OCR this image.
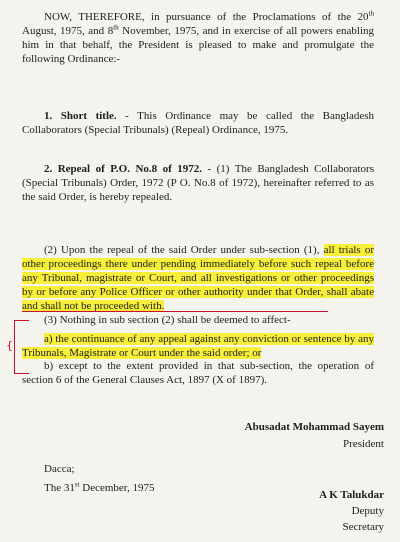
NOW, THEREFORE, in pursuance of the Proclamations of the 20th August, 1975, and 8th November, 1975, and in exercise of all powers enabling him in that behalf, the President is pleased to make and promulgate the following Ordinance:-

1. Short title. - This Ordinance may be called the Bangladesh Collaborators (Special Tribunals) (Repeal) Ordinance, 1975.

2. Repeal of P.O. No.8 of 1972. - (1) The Bangladesh Collaborators (Special Tribunals) Order, 1972 (P O. No.8 of 1972), hereinafter referred to as the said Order, is hereby repealed.

(2) Upon the repeal of the said Order under sub-section (1), all trials or other proceedings there under pending immediately before such repeal before any Tribunal, magistrate or Court, and all investigations or other proceedings by or before any Police Officer or other authority under that Order, shall abate and shall not be proceeded with.

(3) Nothing in sub section (2) shall be deemed to affect-

{	a) the continuance of any appeal against any conviction or sentence by any Tribunals, Magistrate or Court under the said order; or

b) except to the extent provided in that sub-section, the operation of section 6 of the General Clauses Act, 1897 (X of 1897).

Abusadat Mohammad Sayem
President
Dacca;
The 31st December, 1975
A K Talukdar
Deputy
Secretary
